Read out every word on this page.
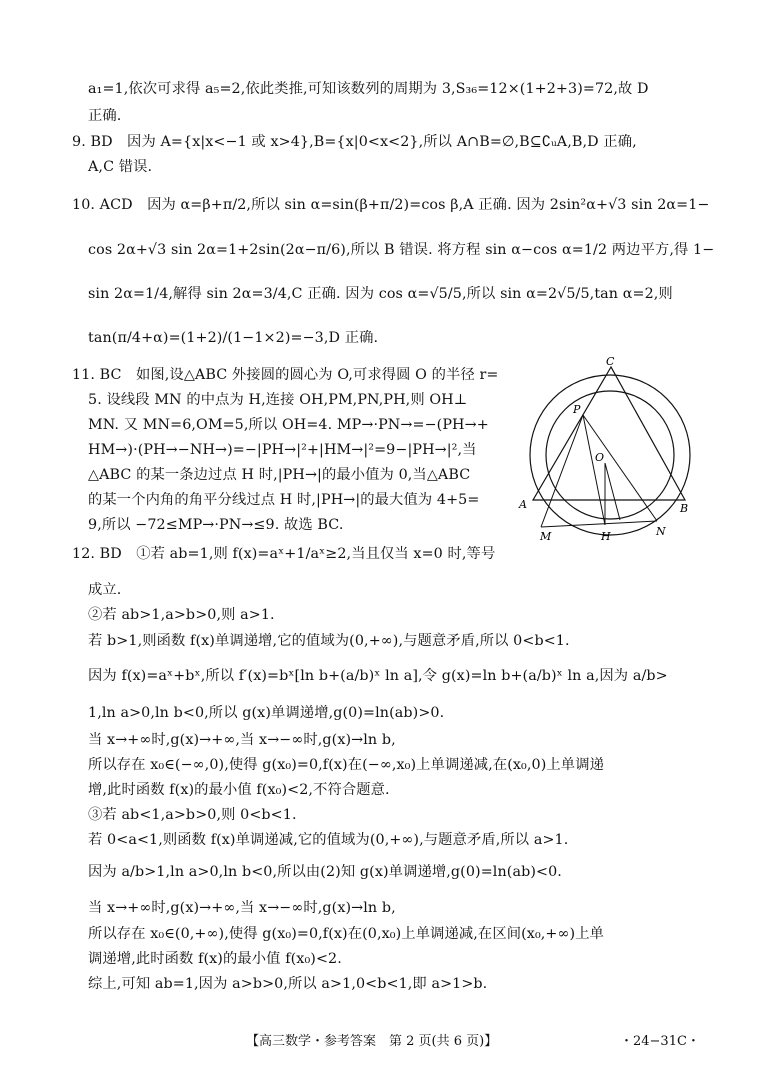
a₁=1,依次可求得 a₅=2,依此类推,可知该数列的周期为 3,S₃₆=12×(1+2+3)=72,故 D
正确.
9. BD　因为 A={x|x<−1 或 x>4},B={x|0<x<2},所以 A∩B=∅,B⊆∁ᵤA,B,D 正确,
A,C 错误.
10. ACD　因为 α=β+π/2,所以 sin α=sin(β+π/2)=cos β,A 正确. 因为 2sin²α+√3 sin 2α=1−
cos 2α+√3 sin 2α=1+2sin(2α−π/6),所以 B 错误. 将方程 sin α−cos α=1/2 两边平方,得 1−
sin 2α=1/4,解得 sin 2α=3/4,C 正确. 因为 cos α=√5/5,所以 sin α=2√5/5,tan α=2,则
tan(π/4+α)=(1+2)/(1−1×2)=−3,D 正确.
11. BC　如图,设△ABC 外接圆的圆心为 O,可求得圆 O 的半径 r=
5. 设线段 MN 的中点为 H,连接 OH,PM,PN,PH,则 OH⊥
MN. 又 MN=6,OM=5,所以 OH=4. MP→·PN→=−(PH→+
HM→)·(PH→−NH→)=−|PH→|²+|HM→|²=9−|PH→|²,当
△ABC 的某一条边过点 H 时,|PH→|的最小值为 0,当△ABC
的某一个内角的角平分线过点 H 时,|PH→|的最大值为 4+5=
9,所以 −72≤MP→·PN→≤9. 故选 BC.
C
P
O
A	B
M	H	N
12. BD　①若 ab=1,则 f(x)=aˣ+1/aˣ≥2,当且仅当 x=0 时,等号
成立.
②若 ab>1,a>b>0,则 a>1.
若 b>1,则函数 f(x)单调递增,它的值域为(0,+∞),与题意矛盾,所以 0<b<1.
因为 f(x)=aˣ+bˣ,所以 f′(x)=bˣ[ln b+(a/b)ˣ ln a],令 g(x)=ln b+(a/b)ˣ ln a,因为 a/b>
1,ln a>0,ln b<0,所以 g(x)单调递增,g(0)=ln(ab)>0.
当 x→+∞时,g(x)→+∞,当 x→−∞时,g(x)→ln b,
所以存在 x₀∈(−∞,0),使得 g(x₀)=0,f(x)在(−∞,x₀)上单调递减,在(x₀,0)上单调递
增,此时函数 f(x)的最小值 f(x₀)<2,不符合题意.
③若 ab<1,a>b>0,则 0<b<1.
若 0<a<1,则函数 f(x)单调递减,它的值域为(0,+∞),与题意矛盾,所以 a>1.
因为 a/b>1,ln a>0,ln b<0,所以由(2)知 g(x)单调递增,g(0)=ln(ab)<0.
当 x→+∞时,g(x)→+∞,当 x→−∞时,g(x)→ln b,
所以存在 x₀∈(0,+∞),使得 g(x₀)=0,f(x)在(0,x₀)上单调递减,在区间(x₀,+∞)上单
调递增,此时函数 f(x)的最小值 f(x₀)<2.
综上,可知 ab=1,因为 a>b>0,所以 a>1,0<b<1,即 a>1>b.
【高三数学・参考答案　第 2 页(共 6 页)】	・24−31C・
